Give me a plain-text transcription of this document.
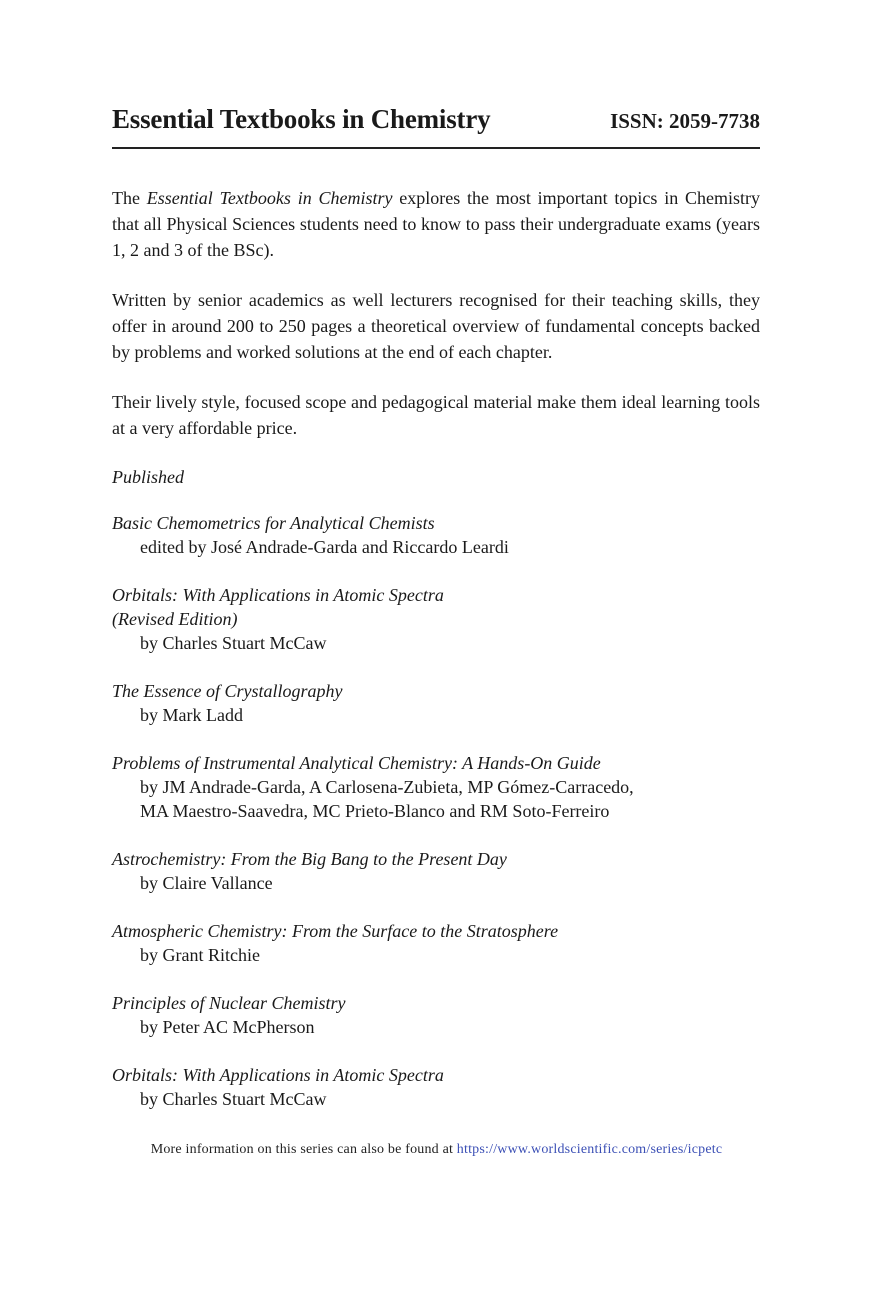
Essential Textbooks in Chemistry	ISSN: 2059-7738

The Essential Textbooks in Chemistry explores the most important topics in Chemistry that all Physical Sciences students need to know to pass their undergraduate exams (years 1, 2 and 3 of the BSc).

Written by senior academics as well lecturers recognised for their teaching skills, they offer in around 200 to 250 pages a theoretical overview of fundamental concepts backed by problems and worked solutions at the end of each chapter.

Their lively style, focused scope and pedagogical material make them ideal learning tools at a very affordable price.

Published
Basic Chemometrics for Analytical Chemists
edited by José Andrade-Garda and Riccardo Leardi
Orbitals: With Applications in Atomic Spectra
(Revised Edition)
by Charles Stuart McCaw
The Essence of Crystallography
by Mark Ladd
Problems of Instrumental Analytical Chemistry: A Hands-On Guide
by JM Andrade-Garda, A Carlosena-Zubieta, MP Gómez-Carracedo,
MA Maestro-Saavedra, MC Prieto-Blanco and RM Soto-Ferreiro
Astrochemistry: From the Big Bang to the Present Day
by Claire Vallance
Atmospheric Chemistry: From the Surface to the Stratosphere
by Grant Ritchie
Principles of Nuclear Chemistry
by Peter AC McPherson
Orbitals: With Applications in Atomic Spectra
by Charles Stuart McCaw
More information on this series can also be found at https://www.worldscientific.com/series/icpetc
